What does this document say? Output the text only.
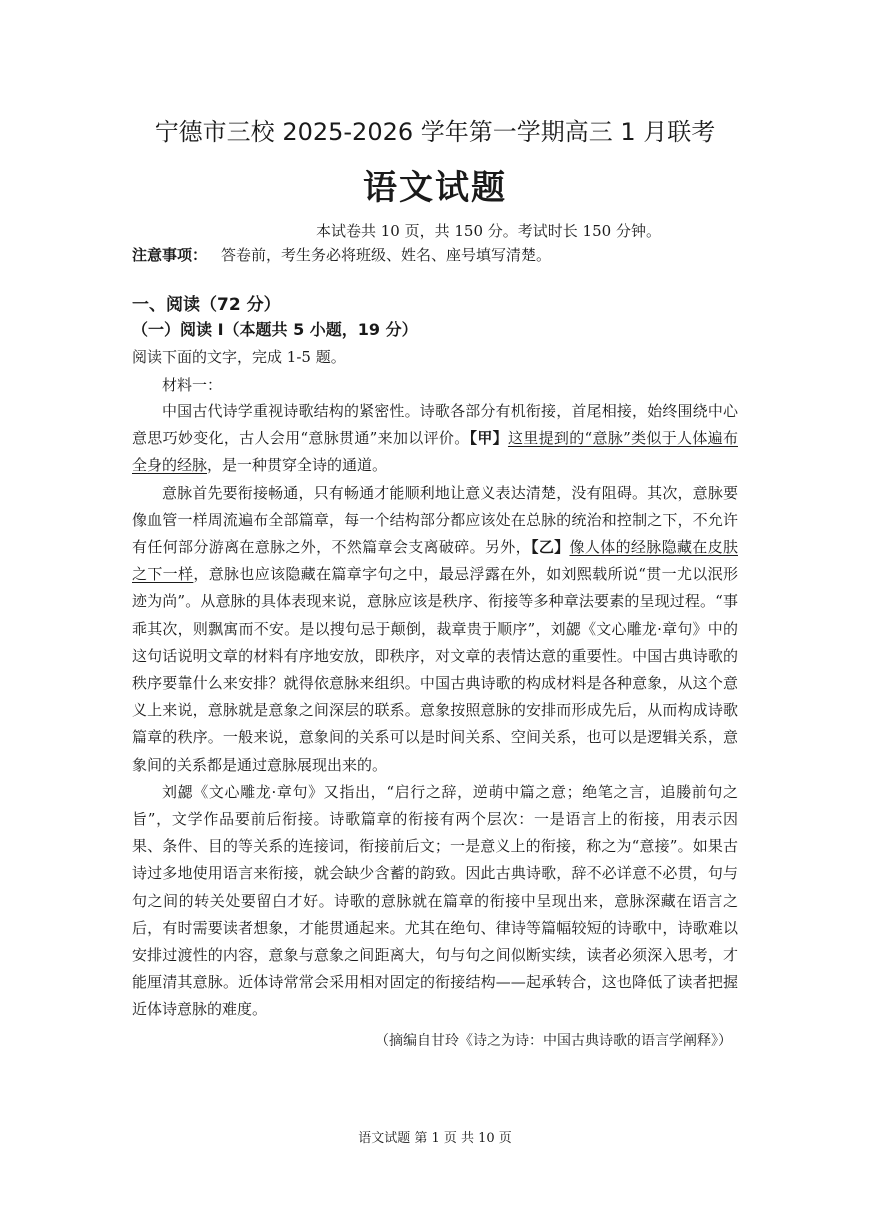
宁德市三校 2025-2026 学年第一学期高三 1 月联考
语文试题
本试卷共 10 页，共 150 分。考试时长 150 分钟。
注意事项： 答卷前，考生务必将班级、姓名、座号填写清楚。
一、阅读（72 分）
（一）阅读 I（本题共 5 小题，19 分）
阅读下面的文字，完成 1-5 题。
材料一：

中国古代诗学重视诗歌结构的紧密性。诗歌各部分有机衔接，首尾相接，始终围绕中心意思巧妙变化，古人会用“意脉贯通”来加以评价。【甲】这里提到的“意脉”类似于人体遍布全身的经脉，是一种贯穿全诗的通道。

意脉首先要衔接畅通，只有畅通才能顺利地让意义表达清楚，没有阻碍。其次，意脉要像血管一样周流遍布全部篇章，每一个结构部分都应该处在总脉的统治和控制之下，不允许有任何部分游离在意脉之外，不然篇章会支离破碎。另外，【乙】像人体的经脉隐藏在皮肤之下一样，意脉也应该隐藏在篇章字句之中，最忌浮露在外，如刘熙载所说“贯一尤以泯形迹为尚”。从意脉的具体表现来说，意脉应该是秩序、衔接等多种章法要素的呈现过程。“事乖其次，则飘寓而不安。是以搜句忌于颠倒，裁章贵于顺序”，刘勰《文心雕龙·章句》中的这句话说明文章的材料有序地安放，即秩序，对文章的表情达意的重要性。中国古典诗歌的秩序要靠什么来安排？就得依意脉来组织。中国古典诗歌的构成材料是各种意象，从这个意义上来说，意脉就是意象之间深层的联系。意象按照意脉的安排而形成先后，从而构成诗歌篇章的秩序。一般来说，意象间的关系可以是时间关系、空间关系，也可以是逻辑关系，意象间的关系都是通过意脉展现出来的。

刘勰《文心雕龙·章句》又指出，“启行之辞，逆萌中篇之意；绝笔之言，追媵前句之旨”，文学作品要前后衔接。诗歌篇章的衔接有两个层次：一是语言上的衔接，用表示因果、条件、目的等关系的连接词，衔接前后文；一是意义上的衔接，称之为“意接”。如果古诗过多地使用语言来衔接，就会缺少含蓄的韵致。因此古典诗歌，辞不必详意不必贯，句与句之间的转关处要留白才好。诗歌的意脉就在篇章的衔接中呈现出来，意脉深藏在语言之后，有时需要读者想象，才能贯通起来。尤其在绝句、律诗等篇幅较短的诗歌中，诗歌难以安排过渡性的内容，意象与意象之间距离大，句与句之间似断实续，读者必须深入思考，才能厘清其意脉。近体诗常常会采用相对固定的衔接结构——起承转合，这也降低了读者把握近体诗意脉的难度。

（摘编自甘玲《诗之为诗：中国古典诗歌的语言学阐释》）
语文试题 第 1 页 共 10 页
